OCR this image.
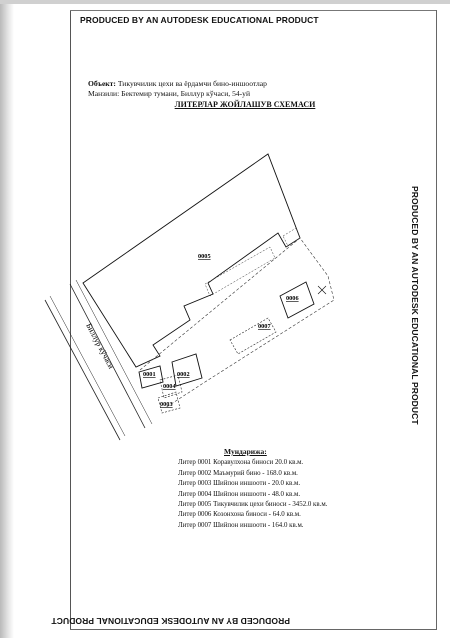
PRODUCED BY AN AUTODESK EDUCATIONAL PRODUCT
PRODUCED BY AN AUTODESK EDUCATIONAL PRODUCT
PRODUCED BY AN AUTODESK EDUCATIONAL PRODUCT
Объект: Тикувчилик цехи ва ёрдамчи бино-иншоотлар
Манзили: Бектемир тумани, Биллур кўчаси, 54-уй
ЛИТЕРЛАР ЖОЙЛАШУВ СХЕМАСИ
Биллур кўчаси
0005
0006
0007
0001	0002
0004
0003
Мундарижа:
Литер 0001 Коравулхона биноси 20.0 кв.м.
Литер 0002 Маъмурий бино - 168.0 кв.м.
Литер 0003 Шийпон иншооти - 20.0 кв.м.
Литер 0004 Шийпон иншооти - 48.0 кв.м.
Литер 0005 Тикувчилик цехи биноси - 3452.0 кв.м.
Литер 0006 Козонхона биноси - 64.0 кв.м.
Литер 0007 Шийпон иншооти - 164.0 кв.м.
